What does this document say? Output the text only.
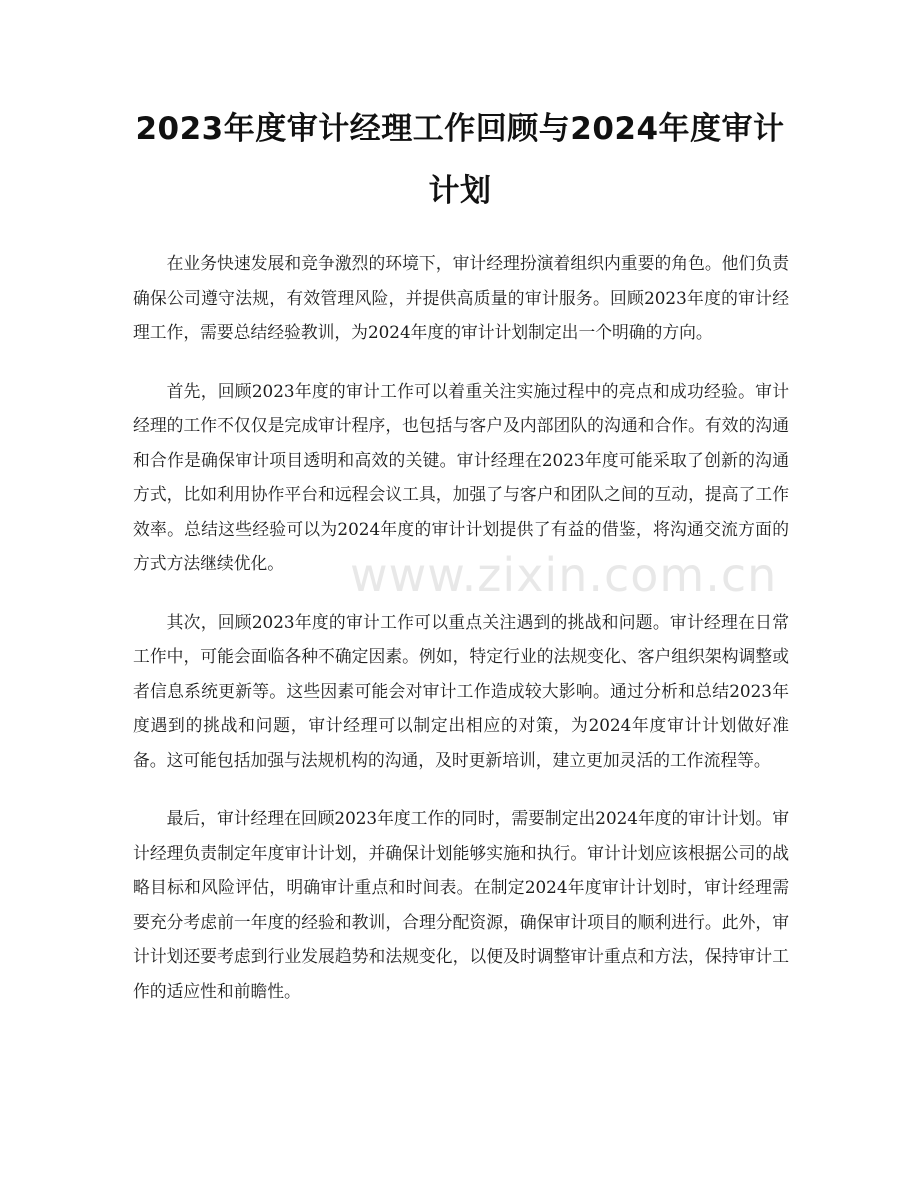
2023年度审计经理工作回顾与2024年度审计计划

在业务快速发展和竞争激烈的环境下，审计经理扮演着组织内重要的角色。他们负责确保公司遵守法规，有效管理风险，并提供高质量的审计服务。回顾2023年度的审计经理工作，需要总结经验教训，为2024年度的审计计划制定出一个明确的方向。

首先，回顾2023年度的审计工作可以着重关注实施过程中的亮点和成功经验。审计经理的工作不仅仅是完成审计程序，也包括与客户及内部团队的沟通和合作。有效的沟通和合作是确保审计项目透明和高效的关键。审计经理在2023年度可能采取了创新的沟通方式，比如利用协作平台和远程会议工具，加强了与客户和团队之间的互动，提高了工作效率。总结这些经验可以为2024年度的审计计划提供了有益的借鉴，将沟通交流方面的方式方法继续优化。

其次，回顾2023年度的审计工作可以重点关注遇到的挑战和问题。审计经理在日常工作中，可能会面临各种不确定因素。例如，特定行业的法规变化、客户组织架构调整或者信息系统更新等。这些因素可能会对审计工作造成较大影响。通过分析和总结2023年度遇到的挑战和问题，审计经理可以制定出相应的对策，为2024年度审计计划做好准备。这可能包括加强与法规机构的沟通，及时更新培训，建立更加灵活的工作流程等。

最后，审计经理在回顾2023年度工作的同时，需要制定出2024年度的审计计划。审计经理负责制定年度审计计划，并确保计划能够实施和执行。审计计划应该根据公司的战略目标和风险评估，明确审计重点和时间表。在制定2024年度审计计划时，审计经理需要充分考虑前一年度的经验和教训，合理分配资源，确保审计项目的顺利进行。此外，审计计划还要考虑到行业发展趋势和法规变化，以便及时调整审计重点和方法，保持审计工作的适应性和前瞻性。

www.zixin.com.cn
